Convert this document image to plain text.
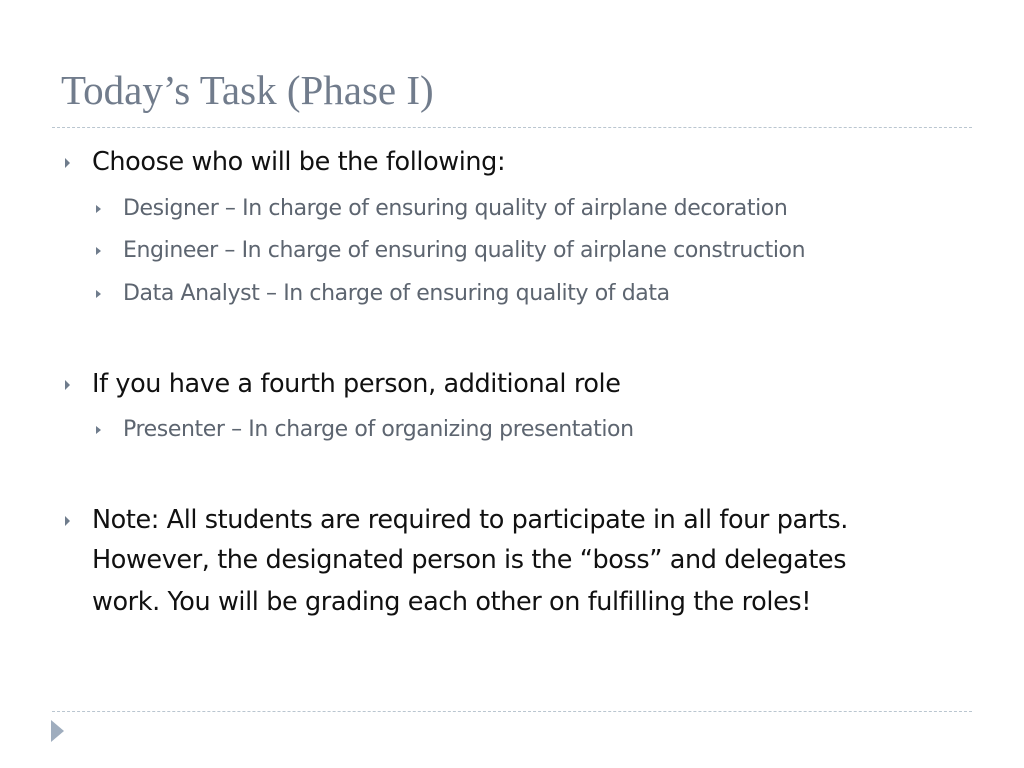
Today’s Task (Phase I)
Choose who will be the following:
Designer – In charge of ensuring quality of airplane decoration
Engineer – In charge of ensuring quality of airplane construction
Data Analyst – In charge of ensuring quality of data
If you have a fourth person, additional role
Presenter – In charge of organizing presentation
Note: All students are required to participate in all four parts.
However, the designated person is the “boss” and delegates
work. You will be grading each other on fulfilling the roles!
